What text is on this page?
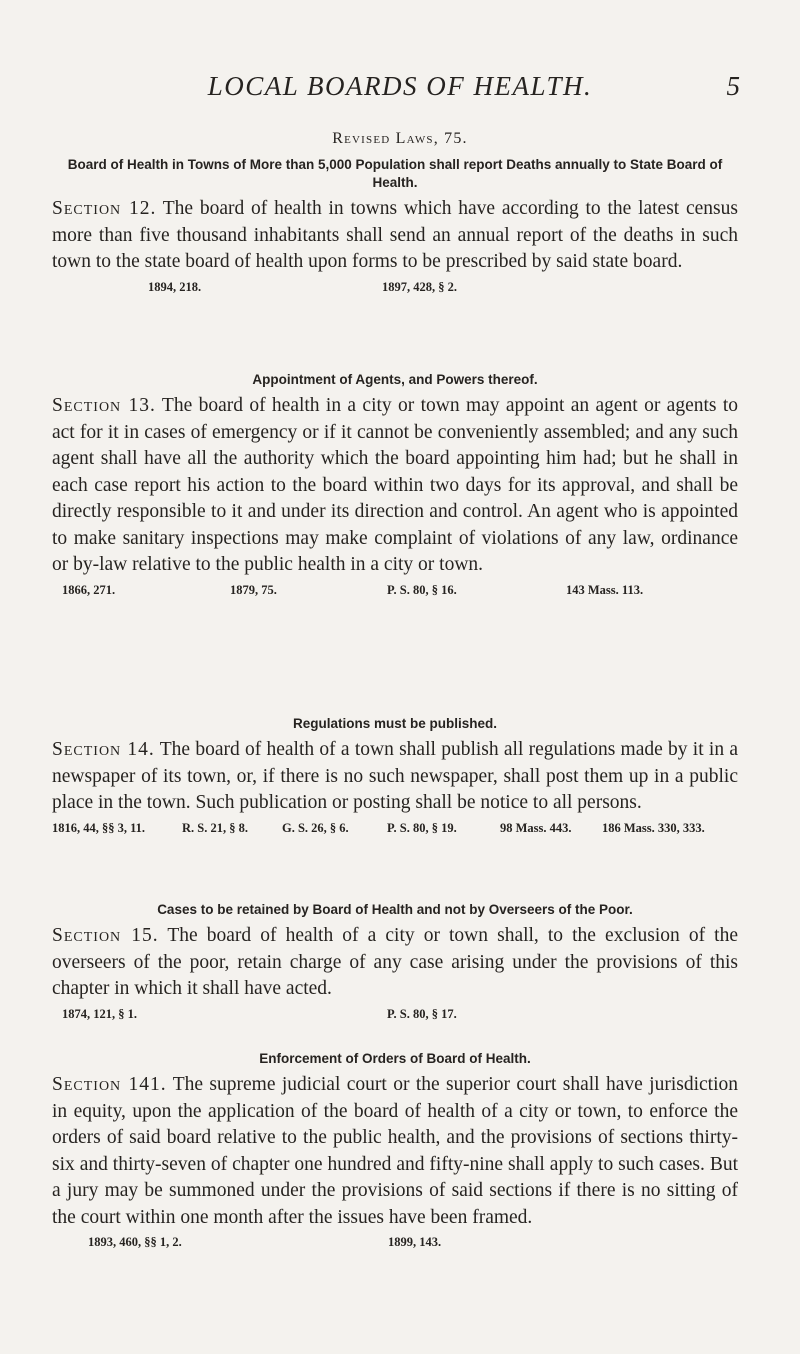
LOCAL BOARDS OF HEALTH.	5
Revised Laws, 75.

Board of Health in Towns of More than 5,000 Population shall report Deaths annually to State Board of Health.

Section 12. The board of health in towns which have according to the latest census more than five thousand inhabitants shall send an annual report of the deaths in such town to the state board of health upon forms to be prescribed by said state board.

1894, 218.	1897, 428, § 2.

Appointment of Agents, and Powers thereof.

Section 13. The board of health in a city or town may appoint an agent or agents to act for it in cases of emergency or if it cannot be conveniently assembled; and any such agent shall have all the authority which the board appointing him had; but he shall in each case report his action to the board within two days for its approval, and shall be directly responsible to it and under its direction and control. An agent who is appointed to make sanitary inspections may make complaint of violations of any law, ordinance or by-law relative to the public health in a city or town.

1866, 271.	1879, 75.	P. S. 80, § 16.	143 Mass. 113.

Regulations must be published.

Section 14. The board of health of a town shall publish all regulations made by it in a newspaper of its town, or, if there is no such newspaper, shall post them up in a public place in the town. Such publication or posting shall be notice to all persons.

1816, 44, §§ 3, 11.	R. S. 21, § 8.	G. S. 26, § 6.	P. S. 80, § 19.	98 Mass. 443. 186 Mass. 330, 333.

Cases to be retained by Board of Health and not by Overseers of the Poor.

Section 15. The board of health of a city or town shall, to the exclusion of the overseers of the poor, retain charge of any case arising under the provisions of this chapter in which it shall have acted.

1874, 121, § 1.	P. S. 80, § 17.

Enforcement of Orders of Board of Health.

Section 141. The supreme judicial court or the superior court shall have jurisdiction in equity, upon the application of the board of health of a city or town, to enforce the orders of said board relative to the public health, and the provisions of sections thirty-six and thirty-seven of chapter one hundred and fifty-nine shall apply to such cases. But a jury may be summoned under the provisions of said sections if there is no sitting of the court within one month after the issues have been framed.

1893, 460, §§ 1, 2.	1899, 143.
